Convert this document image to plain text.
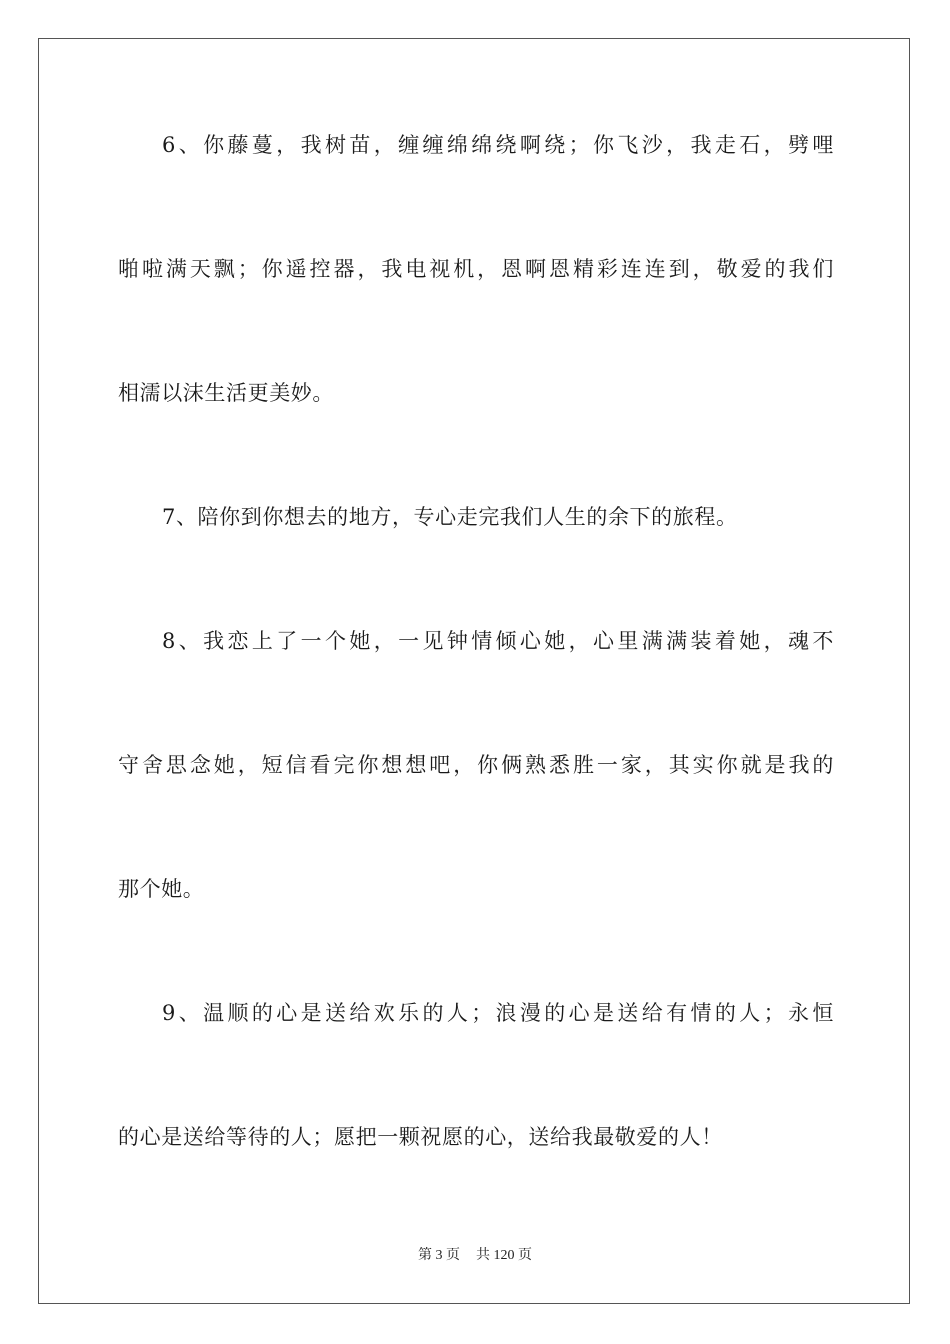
6、你藤蔓，我树苗，缠缠绵绵绕啊绕；你飞沙，我走石，劈哩
啪啦满天飘；你遥控器，我电视机，恩啊恩精彩连连到，敬爱的我们
相濡以沫生活更美妙。
7、陪你到你想去的地方，专心走完我们人生的余下的旅程。
8、我恋上了一个她，一见钟情倾心她，心里满满装着她，魂不
守舍思念她，短信看完你想想吧，你俩熟悉胜一家，其实你就是我的
那个她。
9、温顺的心是送给欢乐的人；浪漫的心是送给有情的人；永恒
的心是送给等待的人；愿把一颗祝愿的心，送给我最敬爱的人！
第 3 页 共 120 页
